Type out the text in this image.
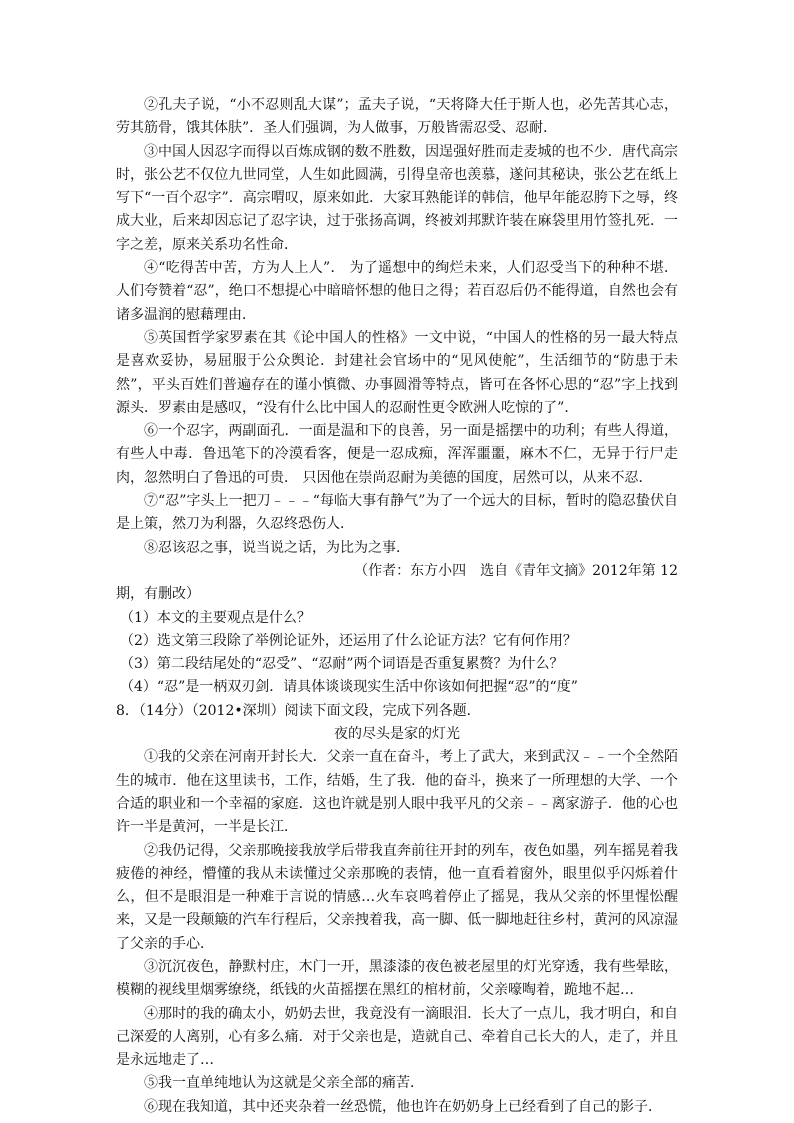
②孔夫子说，“小不忍则乱大谋”；孟夫子说，“天将降大任于斯人也，必先苦其心志，劳其筋骨，饿其体肤”．圣人们强调，为人做事，万般皆需忍受、忍耐．

③中国人因忍字而得以百炼成钢的数不胜数，因逞强好胜而走麦城的也不少．唐代高宗时，张公艺不仅位九世同堂，人生如此圆满，引得皇帝也羡慕，遂问其秘诀，张公艺在纸上写下“一百个忍字”．高宗喟叹，原来如此．大家耳熟能详的韩信，他早年能忍胯下之辱，终成大业，后来却因忘记了忍字诀，过于张扬高调，终被刘邦默许装在麻袋里用竹签扎死．一字之差，原来关系功名性命．

④“吃得苦中苦，方为人上人”． 为了遥想中的绚烂未来，人们忍受当下的种种不堪．人们夸赞着“忍”，绝口不想提心中暗暗怀想的他日之得；若百忍后仍不能得道，自然也会有诸多温润的慰藉理由．

⑤英国哲学家罗素在其《论中国人的性格》一文中说，“中国人的性格的另一最大特点是喜欢妥协，易屈服于公众舆论．封建社会官场中的“见风使舵”，生活细节的“防患于未然”，平头百姓们普遍存在的谨小慎微、办事圆滑等特点，皆可在各怀心思的“忍”字上找到源头．罗素由是感叹，“没有什么比中国人的忍耐性更令欧洲人吃惊的了”．

⑥一个忍字，两副面孔．一面是温和下的良善，另一面是摇摆中的功利；有些人得道，有些人中毒．鲁迅笔下的冷漠看客，便是一忍成痴，浑浑噩噩，麻木不仁，无异于行尸走肉，忽然明白了鲁迅的可贵． 只因他在崇尚忍耐为美德的国度，居然可以，从来不忍．

⑦“忍”字头上一把刀﹣﹣﹣“每临大事有静气”为了一个远大的目标，暂时的隐忍蛰伏自是上策，然刀为利器，久忍终恐伤人．

⑧忍该忍之事，说当说之话，为比为之事．

（作者：东方小四　选自《青年文摘》2012年第 12

期，有删改）

（1）本文的主要观点是什么？

（2）选文第三段除了举例论证外，还运用了什么论证方法？它有何作用？

（3）第二段结尾处的“忍受”、“忍耐”两个词语是否重复累赘？为什么？

（4）“忍”是一柄双刃剑．请具体谈谈现实生活中你该如何把握“忍”的“度”

8．（14分）（2012•深圳）阅读下面文段，完成下列各题．

夜的尽头是家的灯光

①我的父亲在河南开封长大．父亲一直在奋斗，考上了武大，来到武汉﹣﹣一个全然陌生的城市．他在这里读书，工作，结婚，生了我．他的奋斗，换来了一所理想的大学、一个合适的职业和一个幸福的家庭．这也许就是别人眼中我平凡的父亲﹣﹣离家游子．他的心也许一半是黄河，一半是长江．

②我仍记得，父亲那晚接我放学后带我直奔前往开封的列车，夜色如墨，列车摇晃着我疲倦的神经，懵懂的我从未读懂过父亲那晚的表情，他一直看着窗外，眼里似乎闪烁着什么，但不是眼泪是一种难于言说的情感…火车哀鸣着停止了摇晃，我从父亲的怀里惺忪醒来，又是一段颠簸的汽车行程后，父亲拽着我，高一脚、低一脚地赶往乡村，黄河的风凉湿了父亲的手心．

③沉沉夜色，静默村庄，木门一开，黑漆漆的夜色被老屋里的灯光穿透，我有些晕眩，模糊的视线里烟雾缭绕，纸钱的火苗摇摆在黑红的棺材前，父亲嚎啕着，跪地不起…

④那时的我的确太小，奶奶去世，我竟没有一滴眼泪．长大了一点儿，我才明白，和自己深爱的人离别，心有多么痛．对于父亲也是，造就自己、牵着自己长大的人，走了，并且是永远地走了…

⑤我一直单纯地认为这就是父亲全部的痛苦．

⑥现在我知道，其中还夹杂着一丝恐慌，他也许在奶奶身上已经看到了自己的影子．
